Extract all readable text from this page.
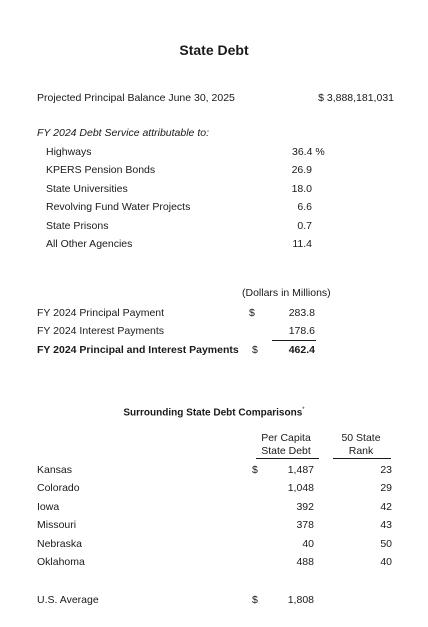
State Debt
Projected Principal Balance June 30, 2025	$ 3,888,181,031
FY 2024 Debt Service attributable to:
Highways	36.4 %
KPERS Pension Bonds	26.9
State Universities	18.0
Revolving Fund Water Projects	6.6
State Prisons	0.7
All Other Agencies	11.4
(Dollars in Millions)
FY 2024 Principal Payment	$	283.8
FY 2024 Interest Payments	178.6
FY 2024 Principal and Interest Payments $	462.4
Surrounding State Debt Comparisons*
Per Capita
State Debt
50 State
Rank
Kansas	$	1,487	23
Colorado	1,048	29
Iowa	392	42
Missouri	378	43
Nebraska	40	50
Oklahoma	488	40
U.S. Average	$	1,808
